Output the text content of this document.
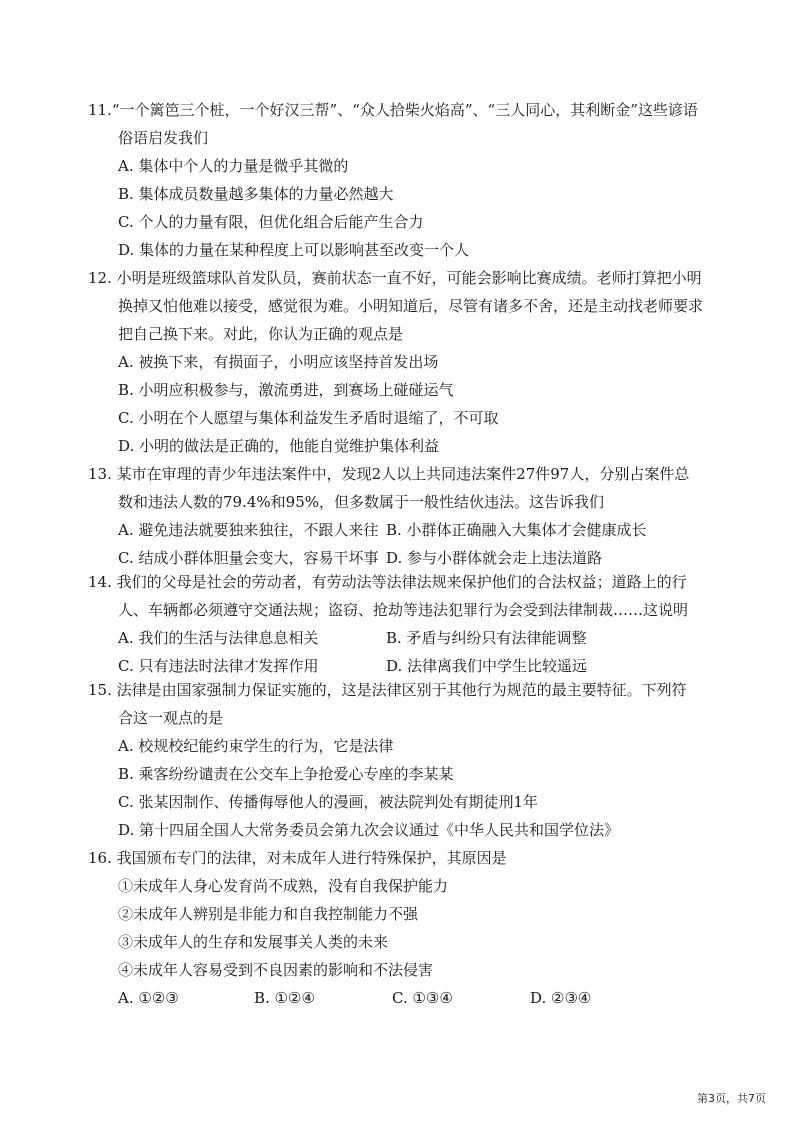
11.“一个篱笆三个桩，一个好汉三帮”、“众人拾柴火焰高”、“三人同心，其利断金”这些谚语
俗语启发我们
A. 集体中个人的力量是微乎其微的
B. 集体成员数量越多集体的力量必然越大
C. 个人的力量有限，但优化组合后能产生合力
D. 集体的力量在某种程度上可以影响甚至改变一个人
12. 小明是班级篮球队首发队员，赛前状态一直不好，可能会影响比赛成绩。老师打算把小明
换掉又怕他难以接受，感觉很为难。小明知道后，尽管有诸多不舍，还是主动找老师要求
把自己换下来。对此，你认为正确的观点是
A. 被换下来，有损面子，小明应该坚持首发出场
B. 小明应积极参与，激流勇进，到赛场上碰碰运气
C. 小明在个人愿望与集体利益发生矛盾时退缩了，不可取
D. 小明的做法是正确的，他能自觉维护集体利益
13. 某市在审理的青少年违法案件中，发现2人以上共同违法案件27件97人，分别占案件总
数和违法人数的79.4%和95%，但多数属于一般性结伙违法。这告诉我们
A. 避免违法就要独来独往，不跟人来往 B. 小群体正确融入大集体才会健康成长
C. 结成小群体胆量会变大，容易干坏事 D. 参与小群体就会走上违法道路
14. 我们的父母是社会的劳动者，有劳动法等法律法规来保护他们的合法权益；道路上的行
人、车辆都必须遵守交通法规；盗窃、抢劫等违法犯罪行为会受到法律制裁……这说明
A. 我们的生活与法律息息相关	B. 矛盾与纠纷只有法律能调整
C. 只有违法时法律才发挥作用	D. 法律离我们中学生比较遥远
15. 法律是由国家强制力保证实施的，这是法律区别于其他行为规范的最主要特征。下列符
合这一观点的是
A. 校规校纪能约束学生的行为，它是法律
B. 乘客纷纷谴责在公交车上争抢爱心专座的李某某
C. 张某因制作、传播侮辱他人的漫画，被法院判处有期徒刑1年
D. 第十四届全国人大常务委员会第九次会议通过《中华人民共和国学位法》
16. 我国颁布专门的法律，对未成年人进行特殊保护，其原因是
①未成年人身心发育尚不成熟，没有自我保护能力
②未成年人辨别是非能力和自我控制能力不强
③未成年人的生存和发展事关人类的未来
④未成年人容易受到不良因素的影响和不法侵害
A. ①②③	B. ①②④	C. ①③④	D. ②③④
第3页，共7页
